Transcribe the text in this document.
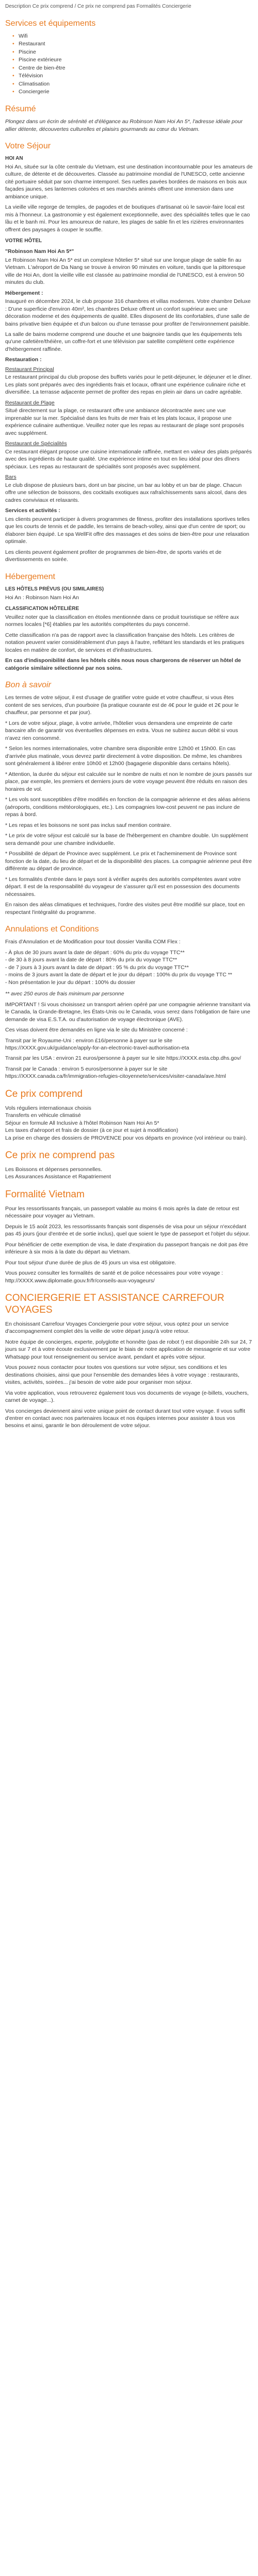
Description Ce prix comprend / Ce prix ne comprend pas Formalités Conciergerie

Services et équipements
• Wifi
• Restaurant
• Piscine
• Piscine extérieure
• Centre de bien-être
• Télévision
• Climatisation
• Conciergerie
Résumé

Plongez dans un écrin de sérénité et d'élégance au Robinson Nam Hoi An 5*, l'adresse idéale pour allier détente, découvertes culturelles et plaisirs gourmands au cœur du Vietnam.

Votre Séjour
HOI AN

Hoi An, située sur la côte centrale du Vietnam, est une destination incontournable pour les amateurs de culture, de détente et de découvertes. Classée au patrimoine mondial de l'UNESCO, cette ancienne cité portuaire séduit par son charme intemporel. Ses ruelles pavées bordées de maisons en bois aux façades jaunes, ses lanternes colorées et ses marchés animés offrent une immersion dans une ambiance unique.

La vieille ville regorge de temples, de pagodes et de boutiques d'artisanat où le savoir-faire local est mis à l'honneur. La gastronomie y est également exceptionnelle, avec des spécialités telles que le cao lầu et le banh mì. Pour les amoureux de nature, les plages de sable fin et les rizières environnantes offrent des paysages à couper le souffle.

VOTRE HÔTEL
"Robinson Nam Hoi An 5*"

Le Robinson Nam Hoi An 5* est un complexe hôtelier 5* situé sur une longue plage de sable fin au Vietnam. L'aéroport de Da Nang se trouve à environ 90 minutes en voiture, tandis que la pittoresque ville de Hoi An, dont la vieille ville est classée au patrimoine mondial de l'UNESCO, est à environ 50 minutes du club.

Hébergement :

Inauguré en décembre 2024, le club propose 316 chambres et villas modernes. Votre chambre Deluxe : D'une superficie d'environ 40m², les chambres Deluxe offrent un confort supérieur avec une décoration moderne et des équipements de qualité. Elles disposent de lits confortables, d'une salle de bains privative bien équipée et d'un balcon ou d'une terrasse pour profiter de l'environnement paisible.

La salle de bains moderne comprend une douche et une baignoire tandis que les équipements tels qu'une cafetière/théière, un coffre-fort et une télévision par satellite complètent cette expérience d'hébergement raffinée.

Restauration :
Restaurant Principal

Le restaurant principal du club propose des buffets variés pour le petit-déjeuner, le déjeuner et le dîner. Les plats sont préparés avec des ingrédients frais et locaux, offrant une expérience culinaire riche et diversifiée. La terrasse adjacente permet de profiter des repas en plein air dans un cadre agréable.

Restaurant de Plage

Situé directement sur la plage, ce restaurant offre une ambiance décontractée avec une vue imprenable sur la mer. Spécialisé dans les fruits de mer frais et les plats locaux, il propose une expérience culinaire authentique. Veuillez noter que les repas au restaurant de plage sont proposés avec supplément.

Restaurant de Spécialités

Ce restaurant élégant propose une cuisine internationale raffinée, mettant en valeur des plats préparés avec des ingrédients de haute qualité. Une expérience intime en tout en lieu idéal pour des dîners spéciaux. Les repas au restaurant de spécialités sont proposés avec supplément.

Bars

Le club dispose de plusieurs bars, dont un bar piscine, un bar au lobby et un bar de plage. Chacun offre une sélection de boissons, des cocktails exotiques aux rafraîchissements sans alcool, dans des cadres conviviaux et relaxants.

Services et activités :

Les clients peuvent participer à divers programmes de fitness, profiter des installations sportives telles que les courts de tennis et de paddle, les terrains de beach-volley, ainsi que d'un centre de sport; ou élaborer bien équipé. Le spa WellFit offre des massages et des soins de bien-être pour une relaxation optimale.

Les clients peuvent également profiter de programmes de bien-être, de sports variés et de divertissements en soirée.

Hébergement
LES HÔTELS PRÉVUS (OU SIMILAIRES)

Hoi An : Robinson Nam Hoi An

CLASSIFICATION HÔTELIÈRE

Veuillez noter que la classification en étoiles mentionnée dans ce produit touristique se réfère aux normes locales [*6] établies par les autorités compétentes du pays concerné.

Cette classification n'a pas de rapport avec la classification française des hôtels. Les critères de notation peuvent varier considérablement d'un pays à l'autre, reflétant les standards et les pratiques locales en matière de confort, de services et d'infrastructures.

En cas d'indisponibilité dans les hôtels cités nous nous chargerons de réserver un hôtel de catégorie similaire sélectionné par nos soins.

Bon à savoir

Les termes de votre séjour, il est d'usage de gratifier votre guide et votre chauffeur, si vous êtes content de ses services, d'un pourboire (la pratique courante est de 4€ pour le guide et 2€ pour le chauffeur, par personne et par jour).

* Lors de votre séjour, plage, à votre arrivée, l'hôtelier vous demandera une empreinte de carte bancaire afin de garantir vos éventuelles dépenses en extra. Vous ne subirez aucun débit si vous n'avez rien consommé.

* Selon les normes internationales, votre chambre sera disponible entre 12h00 et 15h00. En cas d'arrivée plus matinale, vous devrez partir directement à votre disposition. De même, les chambres sont généralement à libérer entre 10h00 et 12h00 (bagagerie disponible dans certains hôtels).

* Attention, la durée du séjour est calculée sur le nombre de nuits et non le nombre de jours passés sur place, par exemple, les premiers et derniers jours de votre voyage peuvent être réduits en raison des horaires de vol.

* Les vols sont susceptibles d'être modifiés en fonction de la compagnie aérienne et des aléas aériens (aéroports, conditions météorologiques, etc.). Les compagnies low-cost peuvent ne pas inclure de repas à bord.

* Les repas et les boissons ne sont pas inclus sauf mention contraire.

* Le prix de votre séjour est calculé sur la base de l'hébergement en chambre double. Un supplément sera demandé pour une chambre individuelle.

* Possibilité de départ de Province avec supplément. Le prix et l'acheminement de Province sont fonction de la date, du lieu de départ et de la disponibilité des places. La compagnie aérienne peut être différente au départ de province.

* Les formalités d'entrée dans le pays sont à vérifier auprès des autorités compétentes avant votre départ. Il est de la responsabilité du voyageur de s'assurer qu'il est en possession des documents nécessaires.

En raison des aléas climatiques et techniques, l'ordre des visites peut être modifié sur place, tout en respectant l'intégralité du programme.

Annulations et Conditions

Frais d'Annulation et de Modification pour tout dossier Vanilla COM Flex :

- À plus de 30 jours avant la date de départ : 60% du prix du voyage TTC**
- de 30 à 8 jours avant la date de départ : 80% du prix du voyage TTC**
- de 7 jours à 3 jours avant la date de départ : 95 % du prix du voyage TTC**
- moins de 3 jours avant la date de départ et le jour du départ : 100% du prix du voyage TTC **
- Non présentation le jour du départ : 100% du dossier

** avec 250 euros de frais minimum par personne

IMPORTANT ! Si vous choisissez un transport aérien opéré par une compagnie aérienne transitant via le Canada, la Grande-Bretagne, les États-Unis ou le Canada, vous serez dans l'obligation de faire une demande de visa E.S.T.A. ou d'autorisation de voyage électronique (AVE).

Ces visas doivent être demandés en ligne via le site du Ministère concerné :

Transit par le Royaume-Uni : environ £16/personne à payer sur le site https://XXXX.gov.uk/guidance/apply-for-an-electronic-travel-authorisation-eta

Transit par les USA : environ 21 euros/personne à payer sur le site https://XXXX.esta.cbp.dhs.gov/

Transit par le Canada : environ 5 euros/personne à payer sur le site https://XXXX.canada.ca/fr/immigration-refugies-citoyennete/services/visiter-canada/ave.html

Ce prix comprend
Vols réguliers internationaux choisis
Transferts en véhicule climatisé
Séjour en formule All Inclusive à l'hôtel Robinson Nam Hoi An 5*
Les taxes d'aéroport et frais de dossier (à ce jour et sujet à modification)
La prise en charge des dossiers de PROVENCE pour vos départs en province (vol intérieur ou train).
Ce prix ne comprend pas
Les Boissons et dépenses personnelles.
Les Assurances Assistance et Rapatriement
Formalité Vietnam

Pour les ressortissants français, un passeport valable au moins 6 mois après la date de retour est nécessaire pour voyager au Vietnam.

Depuis le 15 août 2023, les ressortissants français sont dispensés de visa pour un séjour n'excédant pas 45 jours (jour d'entrée et de sortie inclus), quel que soient le type de passeport et l'objet du séjour.

Pour bénéficier de cette exemption de visa, le date d'expiration du passeport français ne doit pas être inférieure à six mois à la date du départ au Vietnam.

Pour tout séjour d'une durée de plus de 45 jours un visa est obligatoire.

Vous pouvez consulter les formalités de santé et de police nécessaires pour votre voyage : http://XXXX.www.diplomatie.gouv.fr/fr/conseils-aux-voyageurs/

CONCIERGERIE ET ASSISTANCE CARREFOUR VOYAGES

En choisissant Carrefour Voyages Conciergerie pour votre séjour, vous optez pour un service d'accompagnement complet dès la veille de votre départ jusqu'à votre retour.

Notre équipe de concierges, experte, polyglotte et honnête (pas de robot !) est disponible 24h sur 24, 7 jours sur 7 et à votre écoute exclusivement par le biais de notre application de messagerie et sur votre Whatsapp pour tout renseignement ou service avant, pendant et après votre séjour.

Vous pouvez nous contacter pour toutes vos questions sur votre séjour, ses conditions et les destinations choisies, ainsi que pour l'ensemble des demandes liées à votre voyage : restaurants, visites, activités, soirées... j'ai besoin de votre aide pour organiser mon séjour.

Via votre application, vous retrouverez également tous vos documents de voyage (e-billets, vouchers, carnet de voyage...).

Vos concierges deviennent ainsi votre unique point de contact durant tout votre voyage. Il vous suffit d'entrer en contact avec nos partenaires locaux et nos équipes internes pour assister à tous vos besoins et ainsi, garantir le bon déroulement de votre séjour.
